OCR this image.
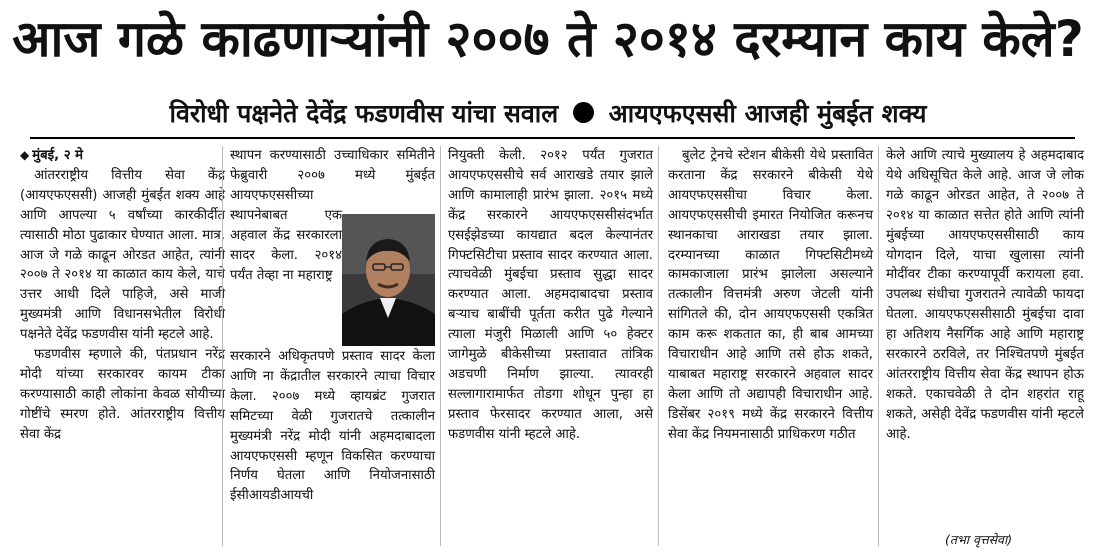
आज गळे काढणाऱ्यांनी २००७ ते २०१४ दरम्यान काय केले?
विरोधी पक्षनेते देवेंद्र फडणवीस यांचा सवाल आयएफएससी आजही मुंबईत शक्य

◆ मुंबई, २ मे

आंतरराष्ट्रीय वित्तीय सेवा केंद्र (आयएफएससी) आजही मुंबईत शक्य आहे आणि आपल्या ५ वर्षांच्या कारकीर्दीत त्यासाठी मोठा पुढाकार घेण्यात आला. मात्र, आज जे गळे काढून ओरडत आहेत, त्यांनी २००७ ते २०१४ या काळात काय केले, याचे उत्तर आधी दिले पाहिजे, असे माजी मुख्यमंत्री आणि विधानसभेतील विरोधी पक्षनेते देवेंद्र फडणवीस यांनी म्हटले आहे.

फडणवीस म्हणाले की, पंतप्रधान नरेंद्र मोदी यांच्या सरकारवर कायम टीका करण्यासाठी काही लोकांना केवळ सोयीच्या गोष्टींचे स्मरण होते. आंतरराष्ट्रीय वित्तीय सेवा केंद्र

स्थापन करण्यासाठी उच्चाधिकार समितीने फेब्रुवारी २००७ मध्ये मुंबईत आयएफएससीच्या
स्थापनेबाबत एक अहवाल केंद्र सरकारला सादर केला. २०१४ पर्यंत तेव्हा ना महाराष्ट्र
सरकारने अधिकृतपणे प्रस्ताव सादर केला आणि ना केंद्रातील सरकारने त्याचा विचार केला. २००७ मध्ये व्हायब्रंट गुजरात समिटच्या वेळी गुजरातचे तत्कालीन मुख्यमंत्री नरेंद्र मोदी यांनी अहमदाबादला आयएफएससी म्हणून विकसित करण्याचा निर्णय घेतला आणि नियोजनासाठी ईसीआयडीआयची

नियुक्ती केली. २०१२ पर्यंत गुजरात आयएफएससीचे सर्व आराखडे तयार झाले आणि कामालाही प्रारंभ झाला. २०१५ मध्ये केंद्र सरकारने आयएफएससीसंदर्भात एसईझेडच्या कायद्यात बदल केल्यानंतर गिफ्टसिटीचा प्रस्ताव सादर करण्यात आला. त्याचवेळी मुंबईचा प्रस्ताव सुद्धा सादर करण्यात आला. अहमदाबादचा प्रस्ताव बऱ्याच बाबींची पूर्तता करीत पुढे गेल्याने त्याला मंजुरी मिळाली आणि ५० हेक्टर जागेमुळे बीकेसीच्या प्रस्तावात तांत्रिक अडचणी निर्माण झाल्या. त्यावरही सल्लागारामार्फत तोडगा शोधून पुन्हा हा प्रस्ताव फेरसादर करण्यात आला, असे फडणवीस यांनी म्हटले आहे.

बुलेट ट्रेनचे स्टेशन बीकेसी येथे प्रस्तावित करताना केंद्र सरकारने बीकेसी येथे आयएफएससीचा विचार केला. आयएफएससीची इमारत नियोजित करूनच स्थानकाचा आराखडा तयार झाला. दरम्यानच्या काळात गिफ्टसिटीमध्ये कामकाजाला प्रारंभ झालेला असल्याने तत्कालीन वित्तमंत्री अरुण जेटली यांनी सांगितले की, दोन आयएफएससी एकत्रित काम करू शकतात का, ही बाब आमच्या विचाराधीन आहे आणि तसे होऊ शकते, याबाबत महाराष्ट्र सरकारने अहवाल सादर केला आणि तो अद्यापही विचाराधीन आहे. डिसेंबर २०१९ मध्ये केंद्र सरकारने वित्तीय सेवा केंद्र नियमनासाठी प्राधिकरण गठीत

केले आणि त्याचे मुख्यालय हे अहमदाबाद येथे अधिसूचित केले आहे. आज जे लोक गळे काढून ओरडत आहेत, ते २००७ ते २०१४ या काळात सत्तेत होते आणि त्यांनी मुंबईच्या आयएफएससीसाठी काय योगदान दिले, याचा खुलासा त्यांनी मोदींवर टीका करण्यापूर्वी करायला हवा. उपलब्ध संधीचा गुजरातने त्यावेळी फायदा घेतला. आयएफएससीसाठी मुंबईचा दावा हा अतिशय नैसर्गिक आहे आणि महाराष्ट्र सरकारने ठरविले, तर निश्चितपणे मुंबईत आंतरराष्ट्रीय वित्तीय सेवा केंद्र स्थापन होऊ शकते. एकाचवेळी ते दोन शहरांत राहू शकते, असेही देवेंद्र फडणवीस यांनी म्हटले आहे.

(तभा वृत्तसेवा)
